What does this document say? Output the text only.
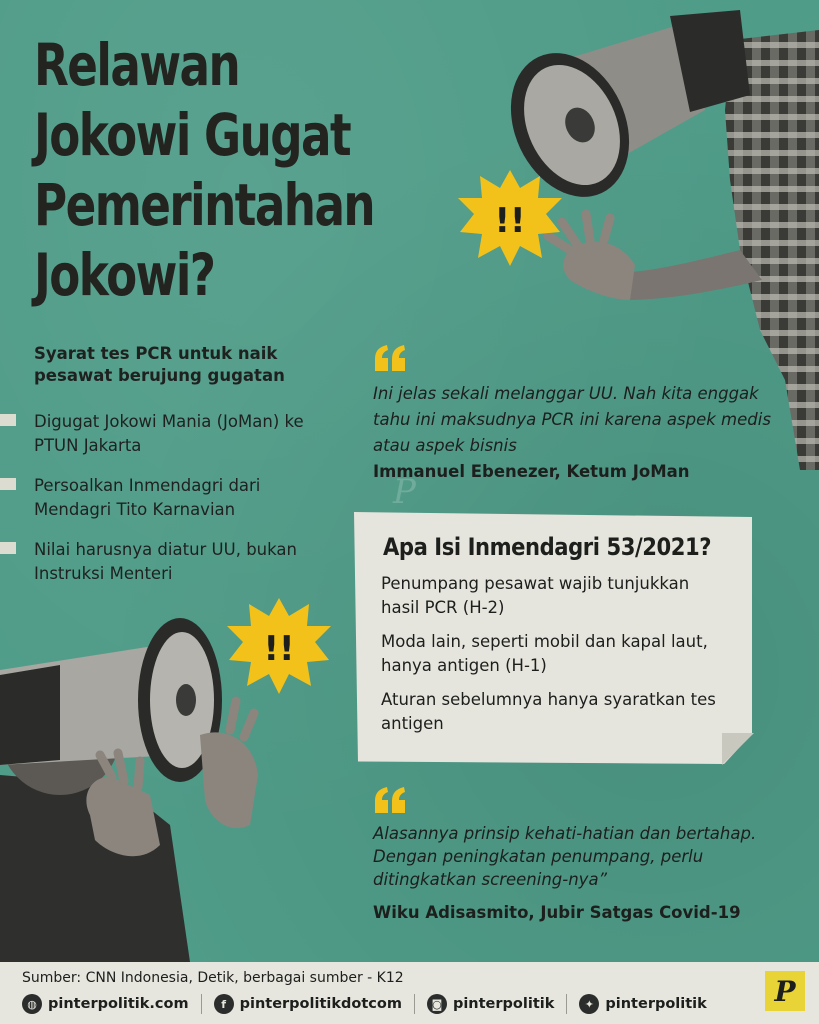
!!
!!
Relawan
Jokowi Gugat
Pemerintahan
Jokowi?
Syarat tes PCR untuk naik pesawat berujung gugatan
Digugat Jokowi Mania (JoMan) ke PTUN Jakarta
Persoalkan Inmendagri dari Mendagri Tito Karnavian
Nilai harusnya diatur UU, bukan Instruksi Menteri
Ini jelas sekali melanggar UU. Nah kita enggak tahu ini maksudnya PCR ini karena aspek medis atau aspek bisnis
Immanuel Ebenezer, Ketum JoMan
P
Apa Isi Inmendagri 53/2021?
Penumpang pesawat wajib tunjukkan hasil PCR (H-2)
Moda lain, seperti mobil dan kapal laut, hanya antigen (H-1)
Aturan sebelumnya hanya syaratkan tes antigen
Alasannya prinsip kehati-hatian dan bertahap. Dengan peningkatan penumpang, perlu ditingkatkan screening-nya”
Wiku Adisasmito, Jubir Satgas Covid-19
Sumber: CNN Indonesia, Detik, berbagai sumber - K12
◍ pinterpolitik.com	f pinterpolitikdotcom	◙ pinterpolitik	✦ pinterpolitik	P
